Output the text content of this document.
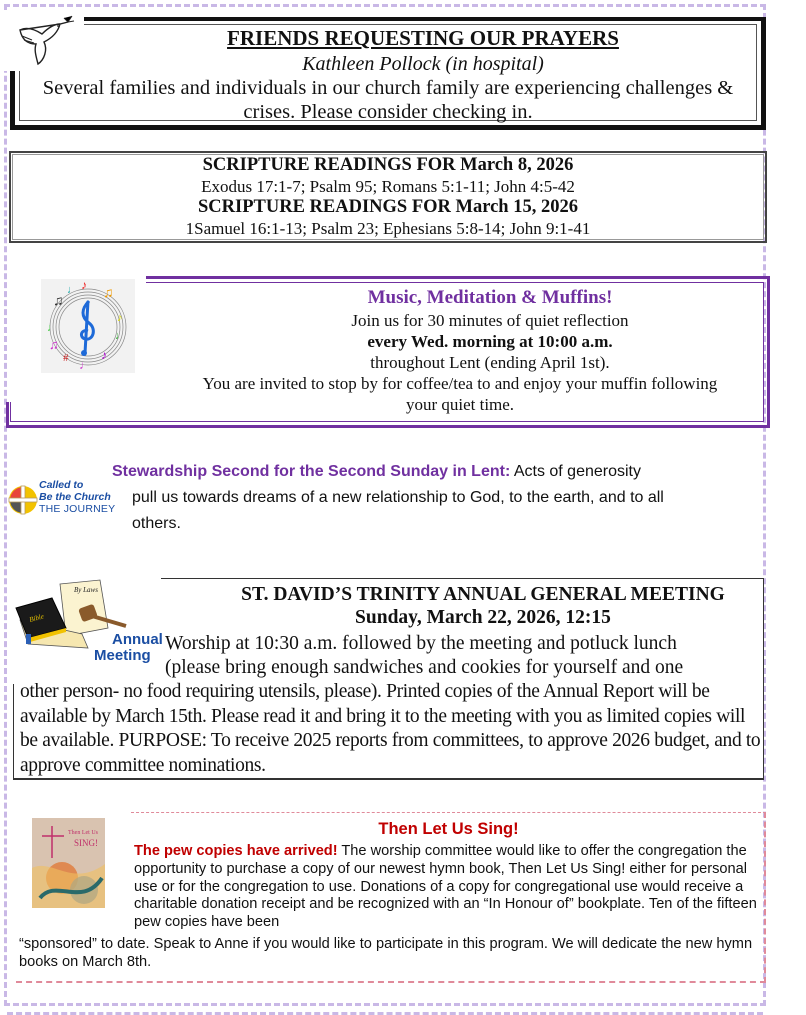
FRIENDS REQUESTING OUR PRAYERS
Kathleen Pollock (in hospital)
Several families and individuals in our church family are experiencing challenges &
crises. Please consider checking in.
SCRIPTURE READINGS FOR March 8, 2026
Exodus 17:1-7; Psalm 95; Romans 5:1-11; John 4:5-42
SCRIPTURE READINGS FOR March 15, 2026
1Samuel 16:1-13; Psalm 23; Ephesians 5:8-14; John 9:1-41
♫
♩ ♪
♫
♪
♩
♪
♩
#
♫
♩
Music, Meditation & Muffins!
Join us for 30 minutes of quiet reflection
every Wed. morning at 10:00 a.m.
throughout Lent (ending April 1st).
You are invited to stop by for coffee/tea to and enjoy your muffin following
your quiet time.
Called to
Be the Church
THE JOURNEY
Stewardship Second for the Second Sunday in Lent: Acts of generosity
pull us towards dreams of a new relationship to God, to the earth, and to all
others.
By Laws
Bible
Annual
Meeting
ST. DAVID’S TRINITY ANNUAL GENERAL MEETING
Sunday, March 22, 2026, 12:15
Worship at 10:30 a.m. followed by the meeting and potluck lunch
(please bring enough sandwiches and cookies for yourself and one
other person- no food requiring utensils, please). Printed copies of the Annual Report will be available by March 15th. Please read it and bring it to the meeting with you as limited copies will be available. PURPOSE: To receive 2025 reports from committees, to approve 2026 budget, and to approve committee nominations.
Then Let Us
SING!
Then Let Us Sing!
The pew copies have arrived! The worship committee would like to offer the congregation the opportunity to purchase a copy of our newest hymn book, Then Let Us Sing! either for personal use or for the congregation to use. Donations of a copy for congregational use would receive a charitable donation receipt and be recognized with an “In Honour of” bookplate. Ten of the fifteen pew copies have been
“sponsored” to date. Speak to Anne if you would like to participate in this program. We will dedicate the new hymn books on March 8th.
